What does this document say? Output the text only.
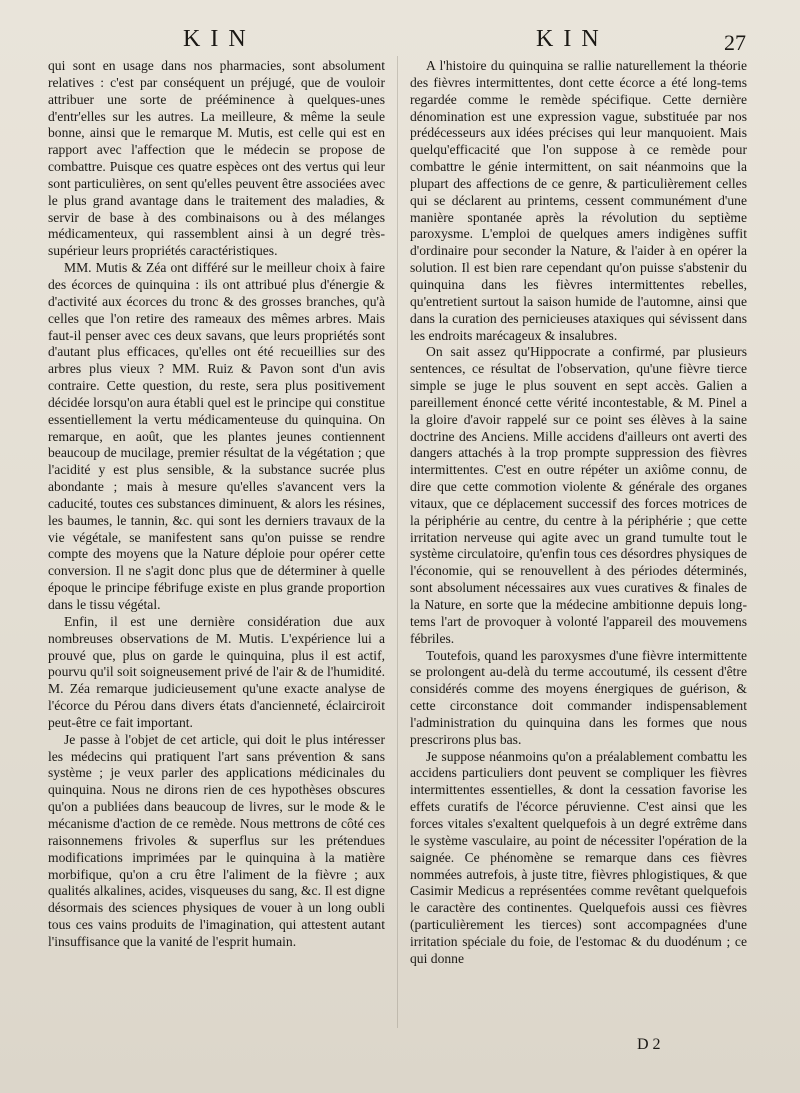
KIN	KIN	27

qui sont en usage dans nos pharmacies, sont absolument relatives : c'est par conséquent un préjugé, que de vouloir attribuer une sorte de prééminence à quelques-unes d'entr'elles sur les autres. La meilleure, & même la seule bonne, ainsi que le remarque M. Mutis, est celle qui est en rapport avec l'affection que le médecin se propose de combattre. Puisque ces quatre espèces ont des vertus qui leur sont particulières, on sent qu'elles peuvent être associées avec le plus grand avantage dans le traitement des maladies, & servir de base à des combinaisons ou à des mélanges médicamenteux, qui rassemblent ainsi à un degré très-supérieur leurs propriétés caractéristiques.

MM. Mutis & Zéa ont différé sur le meilleur choix à faire des écorces de quinquina : ils ont attribué plus d'énergie & d'activité aux écorces du tronc & des grosses branches, qu'à celles que l'on retire des rameaux des mêmes arbres. Mais faut-il penser avec ces deux savans, que leurs propriétés sont d'autant plus efficaces, qu'elles ont été recueillies sur des arbres plus vieux ? MM. Ruiz & Pavon sont d'un avis contraire. Cette question, du reste, sera plus positivement décidée lorsqu'on aura établi quel est le principe qui constitue essentiellement la vertu médicamenteuse du quinquina. On remarque, en août, que les plantes jeunes contiennent beaucoup de mucilage, premier résultat de la végétation ; que l'acidité y est plus sensible, & la substance sucrée plus abondante ; mais à mesure qu'elles s'avancent vers la caducité, toutes ces substances diminuent, & alors les résines, les baumes, le tannin, &c. qui sont les derniers travaux de la vie végétale, se manifestent sans qu'on puisse se rendre compte des moyens que la Nature déploie pour opérer cette conversion. Il ne s'agit donc plus que de déterminer à quelle époque le principe fébrifuge existe en plus grande proportion dans le tissu végétal.

Enfin, il est une dernière considération due aux nombreuses observations de M. Mutis. L'expérience lui a prouvé que, plus on garde le quinquina, plus il est actif, pourvu qu'il soit soigneusement privé de l'air & de l'humidité. M. Zéa remarque judicieusement qu'une exacte analyse de l'écorce du Pérou dans divers états d'ancienneté, éclairciroit peut-être ce fait important.

Je passe à l'objet de cet article, qui doit le plus intéresser les médecins qui pratiquent l'art sans prévention & sans système ; je veux parler des applications médicinales du quinquina. Nous ne dirons rien de ces hypothèses obscures qu'on a publiées dans beaucoup de livres, sur le mode & le mécanisme d'action de ce remède. Nous mettrons de côté ces raisonnemens frivoles & superflus sur les prétendues modifications imprimées par le quinquina à la matière morbifique, qu'on a cru être l'aliment de la fièvre ; aux qualités alkalines, acides, visqueuses du sang, &c. Il est digne désormais des sciences physiques de vouer à un long oubli tous ces vains produits de l'imagination, qui attestent autant l'insuffisance que la vanité de l'esprit humain.

A l'histoire du quinquina se rallie naturellement la théorie des fièvres intermittentes, dont cette écorce a été long-tems regardée comme le remède spécifique. Cette dernière dénomination est une expression vague, substituée par nos prédécesseurs aux idées précises qui leur manquoient. Mais quelqu'efficacité que l'on suppose à ce remède pour combattre le génie intermittent, on sait néanmoins que la plupart des affections de ce genre, & particulièrement celles qui se déclarent au printems, cessent communément d'une manière spontanée après la révolution du septième paroxysme. L'emploi de quelques amers indigènes suffit d'ordinaire pour seconder la Nature, & l'aider à en opérer la solution. Il est bien rare cependant qu'on puisse s'abstenir du quinquina dans les fièvres intermittentes rebelles, qu'entretient surtout la saison humide de l'automne, ainsi que dans la curation des pernicieuses ataxiques qui sévissent dans les endroits marécageux & insalubres.

On sait assez qu'Hippocrate a confirmé, par plusieurs sentences, ce résultat de l'observation, qu'une fièvre tierce simple se juge le plus souvent en sept accès. Galien a pareillement énoncé cette vérité incontestable, & M. Pinel a la gloire d'avoir rappelé sur ce point ses élèves à la saine doctrine des Anciens. Mille accidens d'ailleurs ont averti des dangers attachés à la trop prompte suppression des fièvres intermittentes. C'est en outre répéter un axiôme connu, de dire que cette commotion violente & générale des organes vitaux, que ce déplacement successif des forces motrices de la périphérie au centre, du centre à la périphérie ; que cette irritation nerveuse qui agite avec un grand tumulte tout le système circulatoire, qu'enfin tous ces désordres physiques de l'économie, qui se renouvellent à des périodes déterminés, sont absolument nécessaires aux vues curatives & finales de la Nature, en sorte que la médecine ambitionne depuis long-tems l'art de provoquer à volonté l'appareil des mouvemens fébriles.

Toutefois, quand les paroxysmes d'une fièvre intermittente se prolongent au-delà du terme accoutumé, ils cessent d'être considérés comme des moyens énergiques de guérison, & cette circonstance doit commander indispensablement l'administration du quinquina dans les formes que nous prescrirons plus bas.

Je suppose néanmoins qu'on a préalablement combattu les accidens particuliers dont peuvent se compliquer les fièvres intermittentes essentielles, & dont la cessation favorise les effets curatifs de l'écorce péruvienne. C'est ainsi que les forces vitales s'exaltent quelquefois à un degré extrême dans le système vasculaire, au point de nécessiter l'opération de la saignée. Ce phénomène se remarque dans ces fièvres nommées autrefois, à juste titre, fièvres phlogistiques, & que Casimir Medicus a représentées comme revêtant quelquefois le caractère des continentes. Quelquefois aussi ces fièvres (particulièrement les tierces) sont accompagnées d'une irritation spéciale du foie, de l'estomac & du duodénum ; ce qui donne

D 2
